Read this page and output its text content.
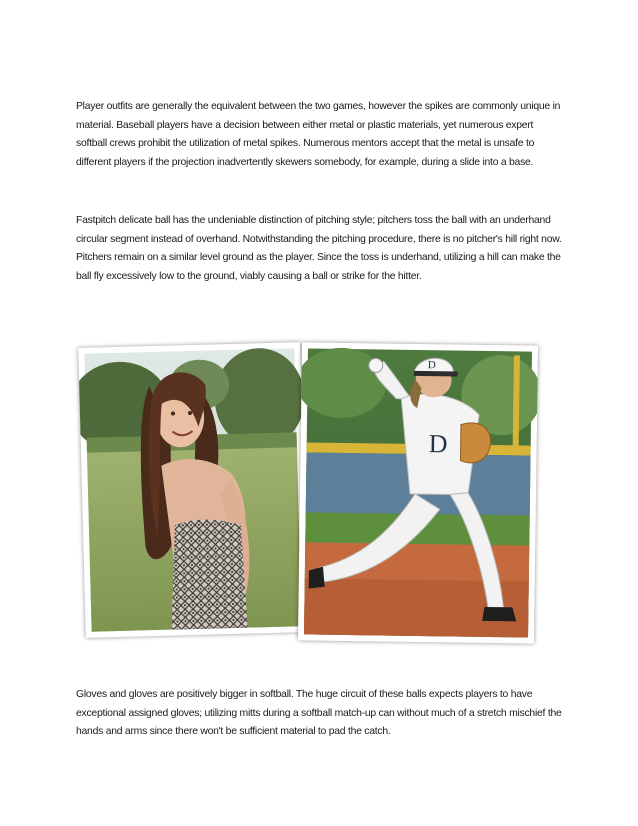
Player outfits are generally the equivalent between the two games, however the spikes are commonly unique in material. Baseball players have a decision between either metal or plastic materials, yet numerous expert softball crews prohibit the utilization of metal spikes. Numerous mentors accept that the metal is unsafe to different players if the projection inadvertently skewers somebody, for example, during a slide into a base.

Fastpitch delicate ball has the undeniable distinction of pitching style; pitchers toss the ball with an underhand circular segment instead of overhand. Notwithstanding the pitching procedure, there is no pitcher's hill right now. Pitchers remain on a similar level ground as the player. Since the toss is underhand, utilizing a hill can make the ball fly excessively low to the ground, viably causing a ball or strike for the hitter.

D
D

Gloves and gloves are positively bigger in softball. The huge circuit of these balls expects players to have exceptional assigned gloves; utilizing mitts during a softball match-up can without much of a stretch mischief the hands and arms since there won't be sufficient material to pad the catch.
